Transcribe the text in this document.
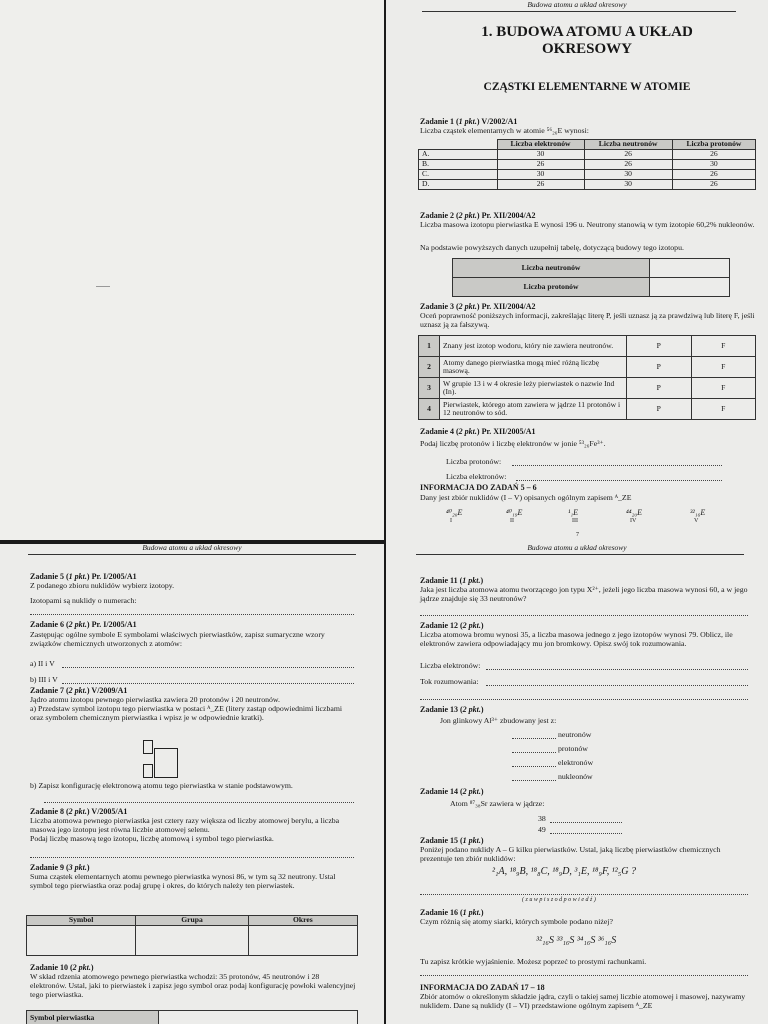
Budowa atomu a układ okresowy
1. BUDOWA ATOMU A UKŁAD
OKRESOWY
CZĄSTKI ELEMENTARNE W ATOMIE
Zadanie 1 (1 pkt.) V/2002/A1
Liczba cząstek elementarnych w atomie ⁵⁶₂₆E wynosi:
	Liczba elektronów	Liczba neutronów	Liczba protonów
A.	30	26	26
B.	26	26	30
C.	30	30	26
D.	26	30	26
Zadanie 2 (2 pkt.) Pr. XII/2004/A2
Liczba masowa izotopu pierwiastka E wynosi 196 u. Neutrony stanowią w tym izotopie 60,2% nukleonów.
Na podstawie powyższych danych uzupełnij tabelę, dotyczącą budowy tego izotopu.
Liczba neutronów	
Liczba protonów	
Zadanie 3 (2 pkt.) Pr. XII/2004/A2
Oceń poprawność poniższych informacji, zakreślając literę P, jeśli uznasz ją za prawdziwą lub literę F, jeśli uznasz ją za fałszywą.
1	Znany jest izotop wodoru, który nie zawiera neutronów.	P	F
2	Atomy danego pierwiastka mogą mieć różną liczbę masową.	P	F
3	W grupie 13 i w 4 okresie leży pierwiastek o nazwie Ind (In).	P	F
4	Pierwiastek, którego atom zawiera w jądrze 11 protonów i 12 neutronów to sód.	P	F
Zadanie 4 (2 pkt.) Pr. XII/2005/A1
Podaj liczbę protonów i liczbę elektronów w jonie ⁵³₂₆Fe³⁺.
Liczba protonów:
Liczba elektronów:
INFORMACJA DO ZADAŃ 5 – 6
Dany jest zbiór nuklidów (I – V) opisanych ogólnym zapisem ᴬ_ZE
⁴⁰₂₀E	⁴⁰₁₉E	¹₁E	⁴⁴₂₀E	³²₁₆E
I	II	III	IV	V
7
Budowa atomu a układ okresowy
Zadanie 5 (1 pkt.) Pr. I/2005/A1
Z podanego zbioru nuklidów wybierz izotopy.
Izotopami są nuklidy o numerach:
Zadanie 6 (2 pkt.) Pr. I/2005/A1
Zastępując ogólne symbole E symbolami właściwych pierwiastków, zapisz sumaryczne wzory związków chemicznych utworzonych z atomów:
a) II i V
b) III i V
Zadanie 7 (2 pkt.) V/2009/A1
Jądro atomu izotopu pewnego pierwiastka zawiera 20 protonów i 20 neutronów.
a) Przedstaw symbol izotopu tego pierwiastka w postaci ᴬ_ZE (litery zastąp odpowiednimi liczbami oraz symbolem chemicznym pierwiastka i wpisz je w odpowiednie kratki).
b) Zapisz konfigurację elektronową atomu tego pierwiastka w stanie podstawowym.
Zadanie 8 (2 pkt.) V/2005/A1
Liczba atomowa pewnego pierwiastka jest cztery razy większa od liczby atomowej berylu, a liczba masowa jego izotopu jest równa liczbie atomowej selenu.
Podaj liczbę masową tego izotopu, liczbę atomową i symbol tego pierwiastka.
Zadanie 9 (3 pkt.)
Suma cząstek elementarnych atomu pewnego pierwiastka wynosi 86, w tym są 32 neutrony. Ustal symbol tego pierwiastka oraz podaj grupę i okres, do których należy ten pierwiastek.
Symbol	Grupa	Okres

Zadanie 10 (2 pkt.)
W skład rdzenia atomowego pewnego pierwiastka wchodzi: 35 protonów, 45 neutronów i 28 elektronów. Ustal, jaki to pierwiastek i zapisz jego symbol oraz podaj konfigurację powłoki walencyjnej tego pierwiastka.
Symbol pierwiastka	
Budowa atomu a układ okresowy
Zadanie 11 (1 pkt.)
Jaka jest liczba atomowa atomu tworzącego jon typu X²⁺, jeżeli jego liczba masowa wynosi 60, a w jego jądrze znajduje się 33 neutronów?
Zadanie 12 (2 pkt.)
Liczba atomowa bromu wynosi 35, a liczba masowa jednego z jego izotopów wynosi 79. Oblicz, ile elektronów zawiera odpowiadający mu jon bromkowy. Opisz swój tok rozumowania.
Liczba elektronów:
Tok rozumowania:
Zadanie 13 (2 pkt.)
Jon glinkowy Al³⁺ zbudowany jest z:
neutronów
protonów
elektronów
nukleonów
Zadanie 14 (2 pkt.)
Atom ⁸⁷₃₈Sr zawiera w jądrze:
38
49
Zadanie 15 (1 pkt.)
Poniżej podano nuklidy A – G kilku pierwiastków. Ustal, jaką liczbę pierwiastków chemicznych prezentuje ten zbiór nuklidów:
²₁A, ¹⁸₉B, ¹⁸₈C, ¹⁸₉D, ³₁E, ¹⁸₉F, ¹²₅G ?
( z u w p i s z o d p o w i e d ź )
Zadanie 16 (1 pkt.)
Czym różnią się atomy siarki, których symbole podano niżej?
³²₁₆S ³³₁₆S ³⁴₁₆S ³⁶₁₆S
Tu zapisz krótkie wyjaśnienie. Możesz poprzeć to prostymi rachunkami.
INFORMACJA DO ZADAŃ 17 – 18
Zbiór atomów o określonym składzie jądra, czyli o takiej samej liczbie atomowej i masowej, nazywamy nuklidem. Dane są nuklidy (I – VI) przedstawione ogólnym zapisem ᴬ_ZE
